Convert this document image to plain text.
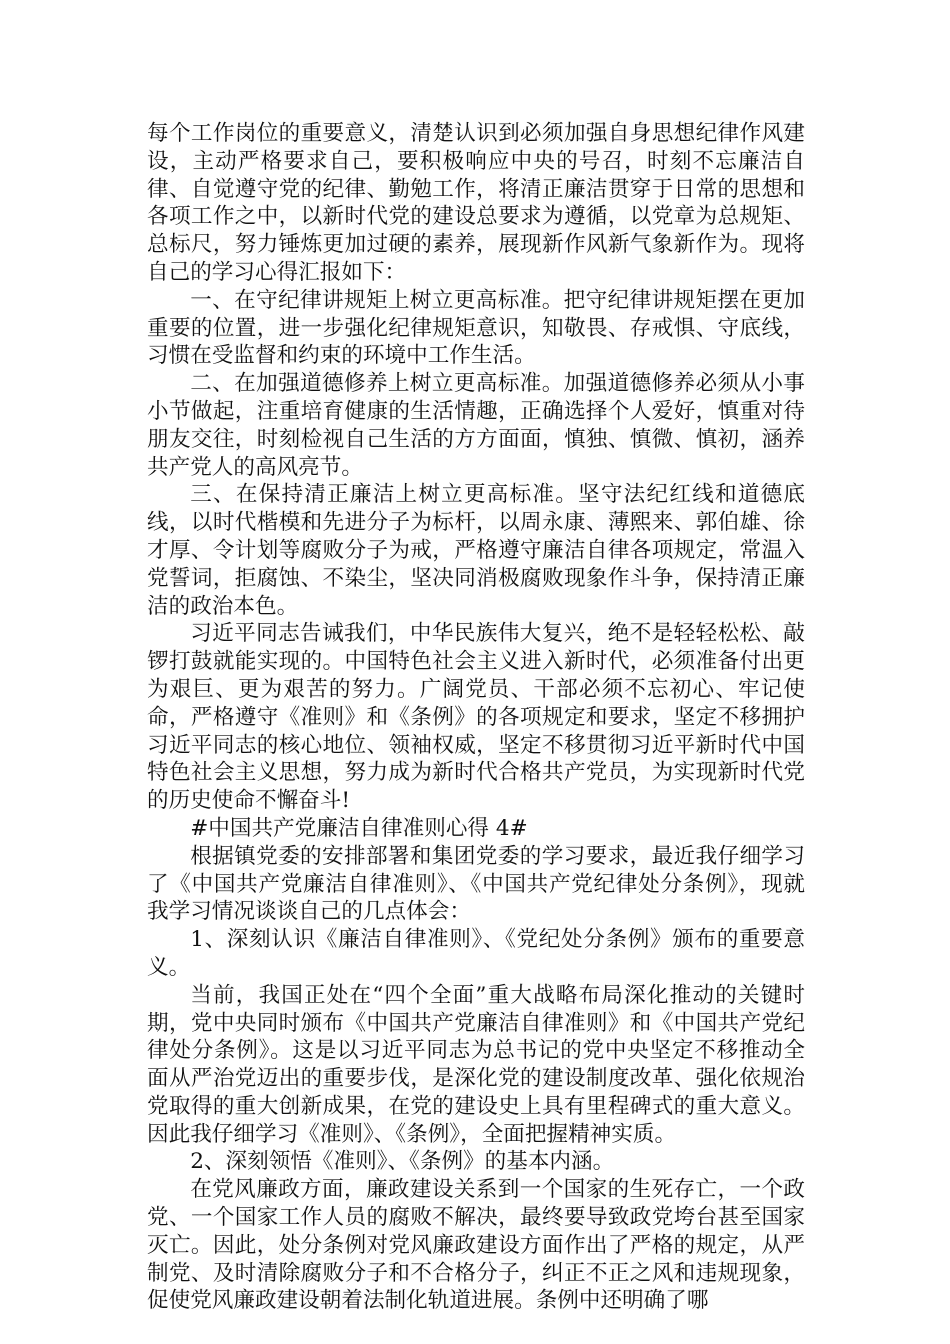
每个工作岗位的重要意义，清楚认识到必须加强自身思想纪律作风建设，主动严格要求自己，要积极响应中央的号召，时刻不忘廉洁自律、自觉遵守党的纪律、勤勉工作，将清正廉洁贯穿于日常的思想和各项工作之中，以新时代党的建设总要求为遵循，以党章为总规矩、总标尺，努力锤炼更加过硬的素养，展现新作风新气象新作为。现将自己的学习心得汇报如下：

一、在守纪律讲规矩上树立更高标准。把守纪律讲规矩摆在更加重要的位置，进一步强化纪律规矩意识，知敬畏、存戒惧、守底线，习惯在受监督和约束的环境中工作生活。

二、在加强道德修养上树立更高标准。加强道德修养必须从小事小节做起，注重培育健康的生活情趣，正确选择个人爱好，慎重对待朋友交往，时刻检视自己生活的方方面面，慎独、慎微、慎初，涵养共产党人的高风亮节。

三、在保持清正廉洁上树立更高标准。坚守法纪红线和道德底线，以时代楷模和先进分子为标杆，以周永康、薄熙来、郭伯雄、徐才厚、令计划等腐败分子为戒，严格遵守廉洁自律各项规定，常温入党誓词，拒腐蚀、不染尘，坚决同消极腐败现象作斗争，保持清正廉洁的政治本色。

习近平同志告诫我们，中华民族伟大复兴，绝不是轻轻松松、敲锣打鼓就能实现的。中国特色社会主义进入新时代，必须准备付出更为艰巨、更为艰苦的努力。广阔党员、干部必须不忘初心、牢记使命，严格遵守《准则》和《条例》的各项规定和要求，坚定不移拥护习近平同志的核心地位、领袖权威，坚定不移贯彻习近平新时代中国特色社会主义思想，努力成为新时代合格共产党员，为实现新时代党的历史使命不懈奋斗!

#中国共产党廉洁自律准则心得 4#

根据镇党委的安排部署和集团党委的学习要求，最近我仔细学习了《中国共产党廉洁自律准则》、《中国共产党纪律处分条例》，现就我学习情况谈谈自己的几点体会：

1、深刻认识《廉洁自律准则》、《党纪处分条例》颁布的重要意义。

当前，我国正处在“四个全面”重大战略布局深化推动的关键时期，党中央同时颁布《中国共产党廉洁自律准则》和《中国共产党纪律处分条例》。这是以习近平同志为总书记的党中央坚定不移推动全面从严治党迈出的重要步伐，是深化党的建设制度改革、强化依规治党取得的重大创新成果，在党的建设史上具有里程碑式的重大意义。因此我仔细学习《准则》、《条例》，全面把握精神实质。

2、深刻领悟《准则》、《条例》的基本内涵。

在党风廉政方面，廉政建设关系到一个国家的生死存亡，一个政党、一个国家工作人员的腐败不解决，最终要导致政党垮台甚至国家灭亡。因此，处分条例对党风廉政建设方面作出了严格的规定，从严制党、及时清除腐败分子和不合格分子，纠正不正之风和违规现象，促使党风廉政建设朝着法制化轨道进展。条例中还明确了哪
